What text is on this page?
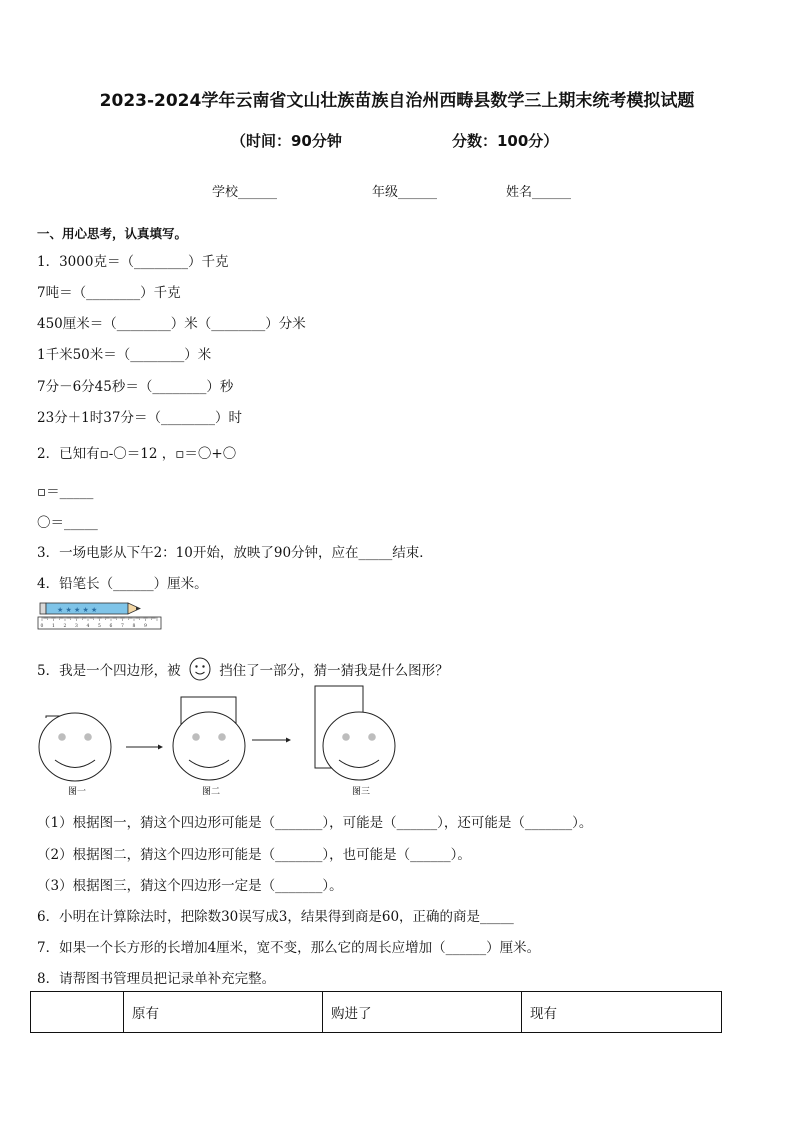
2023-2024学年云南省文山壮族苗族自治州西畴县数学三上期末统考模拟试题
（时间：90分钟	分数：100分）
学校______	年级______	姓名______
一、用心思考，认真填写。
1．3000克＝（________）千克
7吨＝（________）千克
450厘米＝（________）米（________）分米
1千米50米＝（________）米
7分－6分45秒＝（________）秒
23分＋1时37分＝（________）时
2．已知有▫-〇＝12 ，▫＝〇+〇
▫＝_____
〇＝_____
3．一场电影从下午2：10开始，放映了90分钟，应在_____结束．
4．铅笔长（______）厘米。
★ ★ ★ ★ ★
0 1 2 3 4 5 6 7 8 9
5．我是一个四边形，被	挡住了一部分，猜一猜我是什么图形？
图一	图二	图三
（1）根据图一，猜这个四边形可能是（_______），可能是（______），还可能是（_______）。
（2）根据图二，猜这个四边形可能是（_______），也可能是（______）。
（3）根据图三，猜这个四边形一定是（_______）。
6．小明在计算除法时，把除数30误写成3，结果得到商是60，正确的商是_____
7．如果一个长方形的长增加4厘米，宽不变，那么它的周长应增加（______）厘米。
8．请帮图书管理员把记录单补充完整。
	原有	购进了	现有
